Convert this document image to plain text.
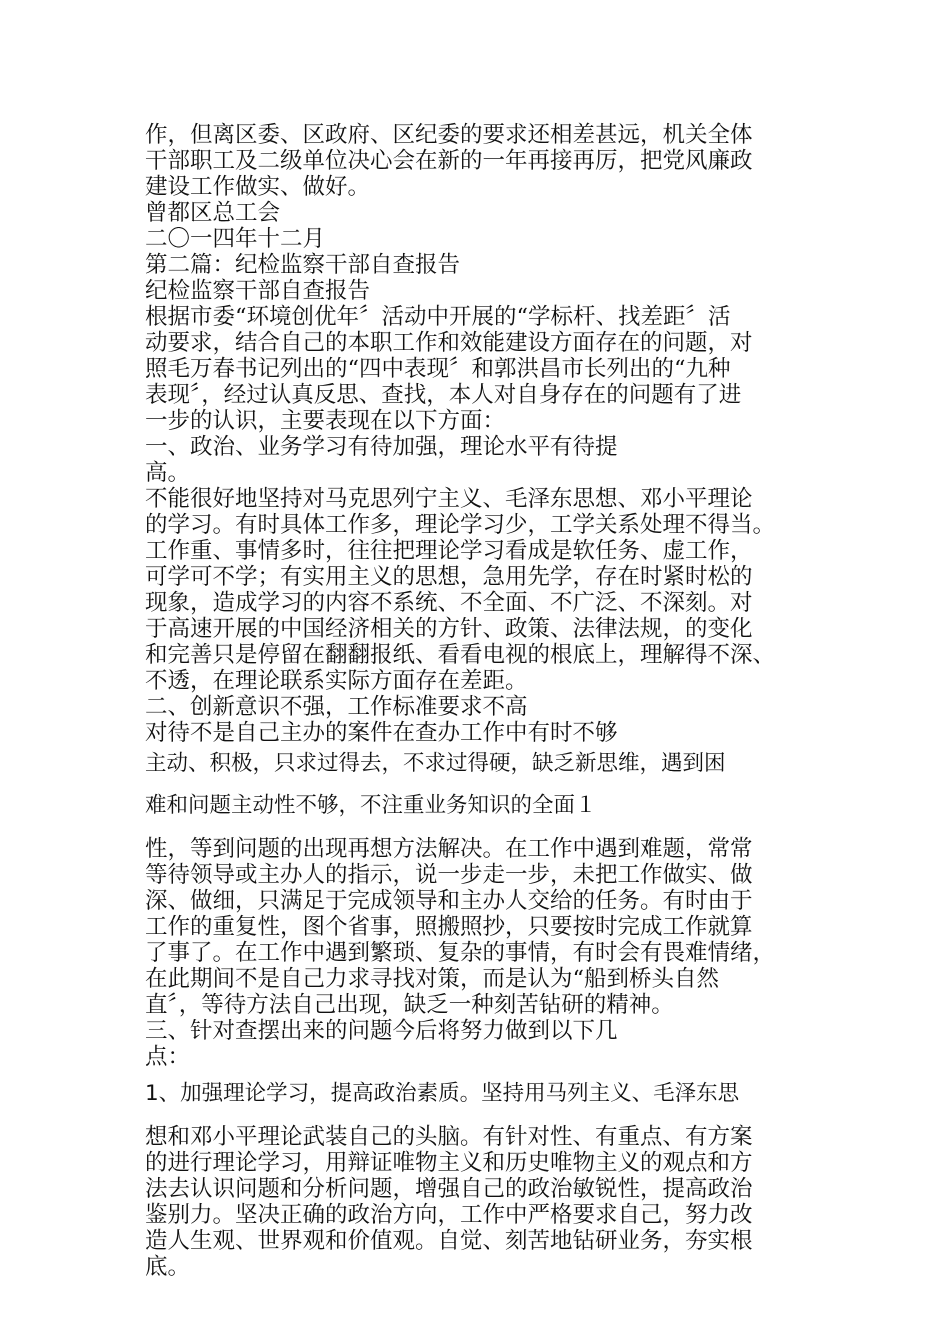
作，但离区委、区政府、区纪委的要求还相差甚远，机关全体
干部职工及二级单位决心会在新的一年再接再厉，把党风廉政
建设工作做实、做好。
曾都区总工会
二〇一四年十二月
第二篇：纪检监察干部自查报告
纪检监察干部自查报告
根据市委“环境创优年〞活动中开展的“学标杆、找差距〞活
动要求，结合自己的本职工作和效能建设方面存在的问题，对
照毛万春书记列出的“四中表现〞和郭洪昌市长列出的“九种
表现〞，经过认真反思、查找，本人对自身存在的问题有了进
一步的认识，主要表现在以下方面：
一、政治、业务学习有待加强，理论水平有待提
高。
不能很好地坚持对马克思列宁主义、毛泽东思想、邓小平理论
的学习。有时具体工作多，理论学习少，工学关系处理不得当。
工作重、事情多时，往往把理论学习看成是软任务、虚工作，
可学可不学；有实用主义的思想，急用先学，存在时紧时松的
现象，造成学习的内容不系统、不全面、不广泛、不深刻。对
于高速开展的中国经济相关的方针、政策、法律法规，的变化
和完善只是停留在翻翻报纸、看看电视的根底上，理解得不深、
不透，在理论联系实际方面存在差距。
二、创新意识不强，工作标准要求不高
对待不是自己主办的案件在查办工作中有时不够
主动、积极，只求过得去，不求过得硬，缺乏新思维，遇到困
难和问题主动性不够，不注重业务知识的全面１
性，等到问题的出现再想方法解决。在工作中遇到难题，常常
等待领导或主办人的指示，说一步走一步，未把工作做实、做
深、做细，只满足于完成领导和主办人交给的任务。有时由于
工作的重复性，图个省事，照搬照抄，只要按时完成工作就算
了事了。在工作中遇到繁琐、复杂的事情，有时会有畏难情绪，
在此期间不是自己力求寻找对策，而是认为“船到桥头自然
直〞，等待方法自己出现，缺乏一种刻苦钻研的精神。
三、针对查摆出来的问题今后将努力做到以下几
点：
1、加强理论学习，提高政治素质。坚持用马列主义、毛泽东思
想和邓小平理论武装自己的头脑。有针对性、有重点、有方案
的进行理论学习，用辩证唯物主义和历史唯物主义的观点和方
法去认识问题和分析问题，增强自己的政治敏锐性，提高政治
鉴别力。坚决正确的政治方向，工作中严格要求自己，努力改
造人生观、世界观和价值观。自觉、刻苦地钻研业务，夯实根
底。
